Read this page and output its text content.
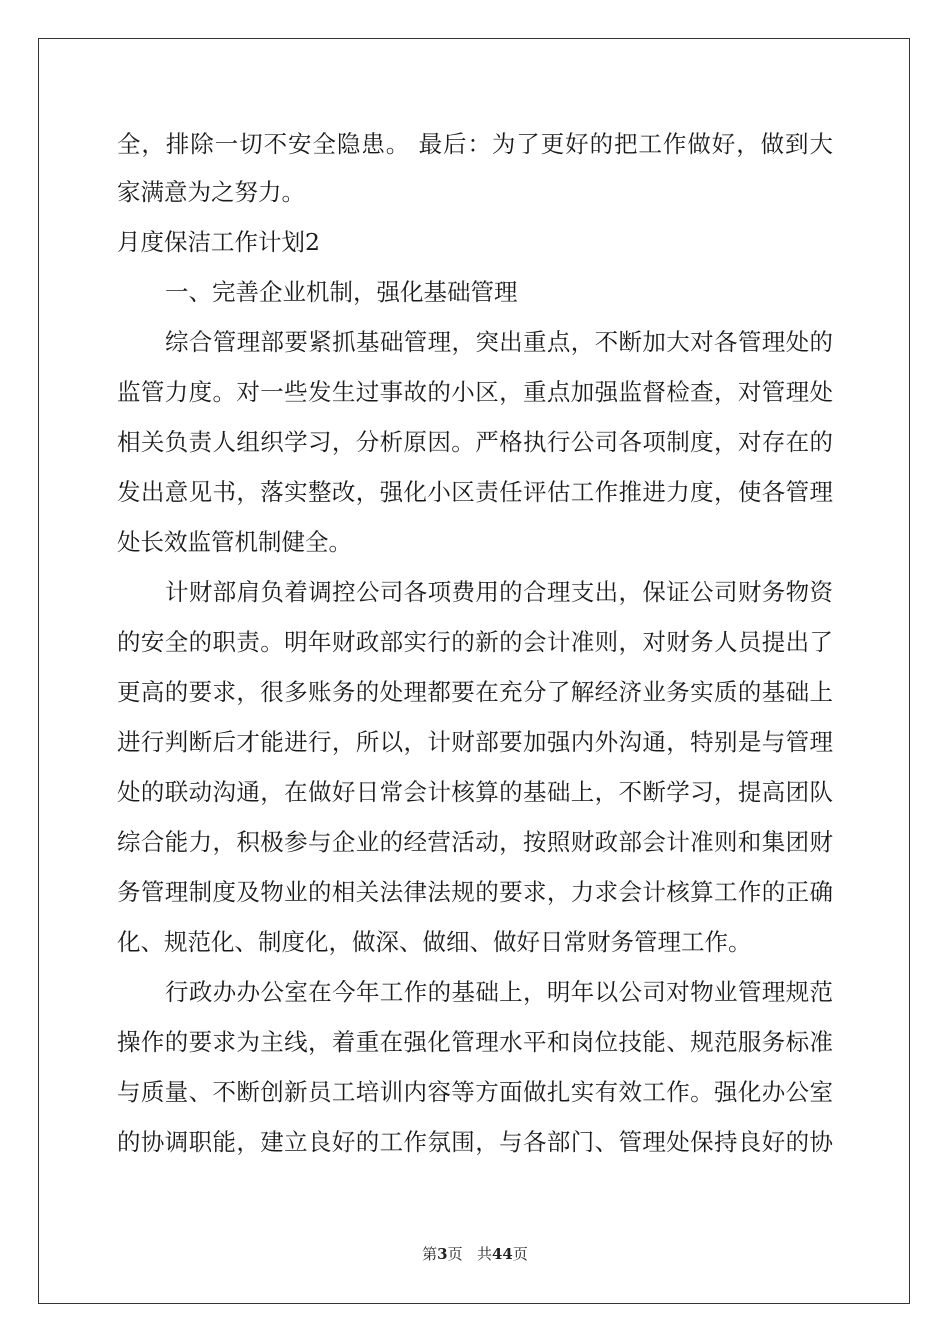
全，排除一切不安全隐患。 最后：为了更好的把工作做好，做到大
家满意为之努力。
月度保洁工作计划2
一、完善企业机制，强化基础管理
综合管理部要紧抓基础管理，突出重点，不断加大对各管理处的
监管力度。对一些发生过事故的小区，重点加强监督检查，对管理处
相关负责人组织学习，分析原因。严格执行公司各项制度，对存在的
发出意见书，落实整改，强化小区责任评估工作推进力度，使各管理
处长效监管机制健全。
计财部肩负着调控公司各项费用的合理支出，保证公司财务物资
的安全的职责。明年财政部实行的新的会计准则，对财务人员提出了
更高的要求，很多账务的处理都要在充分了解经济业务实质的基础上
进行判断后才能进行，所以，计财部要加强内外沟通，特别是与管理
处的联动沟通，在做好日常会计核算的基础上，不断学习，提高团队
综合能力，积极参与企业的经营活动，按照财政部会计准则和集团财
务管理制度及物业的相关法律法规的要求，力求会计核算工作的正确
化、规范化、制度化，做深、做细、做好日常财务管理工作。
行政办办公室在今年工作的基础上，明年以公司对物业管理规范
操作的要求为主线，着重在强化管理水平和岗位技能、规范服务标准
与质量、不断创新员工培训内容等方面做扎实有效工作。强化办公室
的协调职能，建立良好的工作氛围，与各部门、管理处保持良好的协
第3页 共44页
